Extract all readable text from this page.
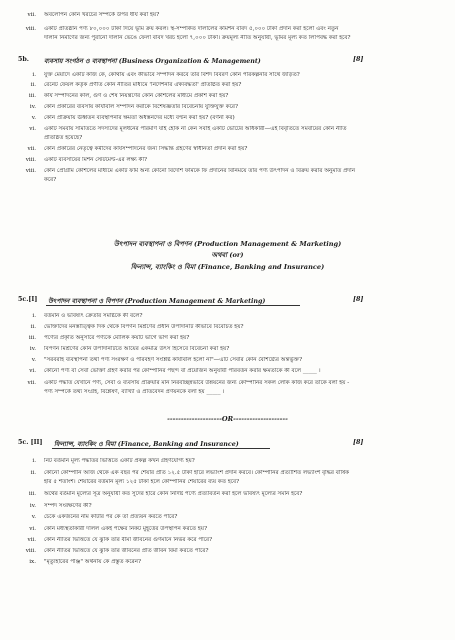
vii. অবলোপন কোন খরচের সম্পর্কে উপর ধার্য করা হয়?
viii. একটি প্রতিষ্ঠান পণ্য ৮০,০০০ টাকা দিয়ে ভূমি ক্রয় করল। স্থ-সম্পর্কিত দালালের কমিশন বাবদ ৫,০০০ টাকা প্রদান করা হলো এবং নতুন
দালান নির্মাণের জন্য পুরানো দালান ভেঙে ফেলা বাবদ খরচ হলো ৭,০০০ টাকা। ক্রয়মূল্য নীতি অনুযায়ী, ভূমির মূল্য কত লিপিবদ্ধ করা হবে?
5b. ব্যবসায় সংগঠন ও ব্যবস্থাপনা (Business Organization & Management)	[8]
i. যুক্ত মেয়াদে একটি কাজ কে, কোথায় এবং কীভাবে সম্পাদন করবে তার বিশদ বিবরণ কোন পরিকল্পনার সাথে জড়িত?
ii. রেনেট ফেয়ল কর্তৃক প্রণীত কোন নীতির মাধ্যমে 'নির্দেশনার ঐক্যবদ্ধতা' প্রতিষ্ঠিত করা হয়?
iii. কার্য সম্পাদনের কাল, গুণ ও শেষ নিয়ন্ত্রণের কোন কৌশলের মাধ্যমে প্রকাশ করা হয়?
iv. কোন প্রকারের ব্যবসায় কার্যাবলি সম্পাদন করাকে বিশেষজ্ঞতার বিবেচনায় যুক্তিযুক্ত করে?
v. কোন প্রক্রিয়ায় ঊর্ধ্বতন ব্যবস্থাপনার ক্ষমতা অধস্তনদের মধ্যে বণ্টন করা হয়? (বর্ণনা কর)
vi. একটি সমবায় সমিতিতে সদস্যদের মূলধনের পরিমাণ যাই হোক না কেন সবাই একটি ভোটের অধিকারী—এই বিবৃতিতে সমবায়ের কোন নীতি
প্রতিষ্ঠিত হয়েছে?
vii. কোন প্রকারের নেতৃত্বে কর্মীদের কার্যসম্পাদনের জন্য সিদ্ধান্ত গ্রহণের স্বাধীনতা প্রদান করা হয়?
viii. একটি ব্যবসায়ের মিশন স্টেটমেন্ট-এর লক্ষ্য কী?
viii. কোন প্রোগ্রাম কৌশলের মাধ্যমে একটি ফার্ম অন্য কোনো বিদেশি ফার্মকে ফি প্রদানের বিনিময়ে তার পণ্য উৎপাদন ও বিক্রয় করার অনুমতি প্রদান
করে?
উৎপাদন ব্যবস্থাপনা ও বিপণন (Production Management & Marketing)
অথবা (or)
ফিন্যান্স, ব্যাংকিং ও বিমা (Finance, Banking and Insurance)
5c.[I] উৎপাদন ব্যবস্থাপনা ও বিপণন (Production Management & Marketing)	[8]
i. বর্তমান ও ভবিষ্যৎ ক্রেতার সমষ্টিকে কী বলে?
ii. ভোক্তাদের মনস্তাত্ত্বিক দিক থেকে বিপণন মিশ্রণের প্রধান উপাদানটি কীভাবে বিবেচিত হয়?
iii. পণ্যের প্রকৃতি অনুসারে পণ্যকে মৌলিক কয়টি ভাগে ভাগ করা হয়?
iv. বিপণন মিশ্রণের কোন উপাদানটিতে আয়ের একমাত্র উৎস হিসেবে বিবেচনা করা হয়?
v. "সরবরাহ ব্যবস্থাপনা তথা পণ্য সংরক্ষণ ও পরিবহণ সংশ্লিষ্ট কার্যাবলি হলো না"—এটি সেবার কোন বৈশিষ্ট্যের অন্তর্ভুক্ত?
vi. কোনো পণ্য বা সেবা ভোক্তা গ্রহণ করার পর কোম্পানির পছন্দ বা প্রয়োজন অনুযায়ী পরিবর্তন করার ক্ষমতাকে কী বলে _____ ।
vii. একটি পদ্ধতি যেখানে পণ্য, সেবা ও ব্যবসায় প্রক্রিয়ার মান নিরবচ্ছিন্নভাবে উন্নয়নের জন্য কোম্পানির সকল লোক কাজ করে তাকে বলা হয় -
পণ্য সম্পর্কে তথ্য সংগ্রহ, বিশ্লেষণ, ব্যাখ্যা ও প্রতিবেদন প্রণয়নকে বলা হয় _____ ।
--------------------OR--------------------
5c. [II] ফিন্যান্স, ব্যাংকিং ও বিমা (Finance, Banking and Insurance)	[8]
i. নিট বর্তমান মূল্য পদ্ধতির ভিত্তিতে একটি প্রকল্প কখন গ্রহণযোগ্য হয়?
ii. কোনো কোম্পানি আজ থেকে এক বছর পর শেয়ার প্রতি ১২.৫ টাকা হারে লভ্যাংশ প্রদান করবে। কোম্পানির প্রত্যাশিত লভ্যাংশ বৃদ্ধির বার্ষিক
হার ৫ শতাংশ। শেয়ারের বর্তমান মূল্য ১২৫ টাকা হলে কোম্পানির শেয়ারের ব্যয় কত হবে?
iii. অর্থের বর্তমান মূল্যের সূত্র অনুযায়ী কত সুদের হারে কোন নির্দিষ্ট পণ্যে প্রত্যাবর্তন করা হলে ভবিষ্যৎ মূল্যের সমান হবে?
iv. সম্পদ সংরক্ষণের কী?
v. চেকে একজনের নাম কাটার পর কে তা প্রত্যয়ন করতে পারে?
vi. কোন মধ্যস্থতাকারী দলিল একই পক্ষের নিকট মুহূর্তের উপস্থাপন করতে হয়?
vii. কোন নীতির ভিত্তিতে যে ঝুঁকি তার বীমা জীবনের গুণমানে নির্ভর করে পারে?
viii. কোন নীতির ভিত্তিতে যে ঝুঁকি তার জীবনের প্রতি জীবন বিমা করতে পারে?
ix. "মৃত্যুহারের পঞ্জি" অর্থনায় কে প্রস্তুত করেন?
